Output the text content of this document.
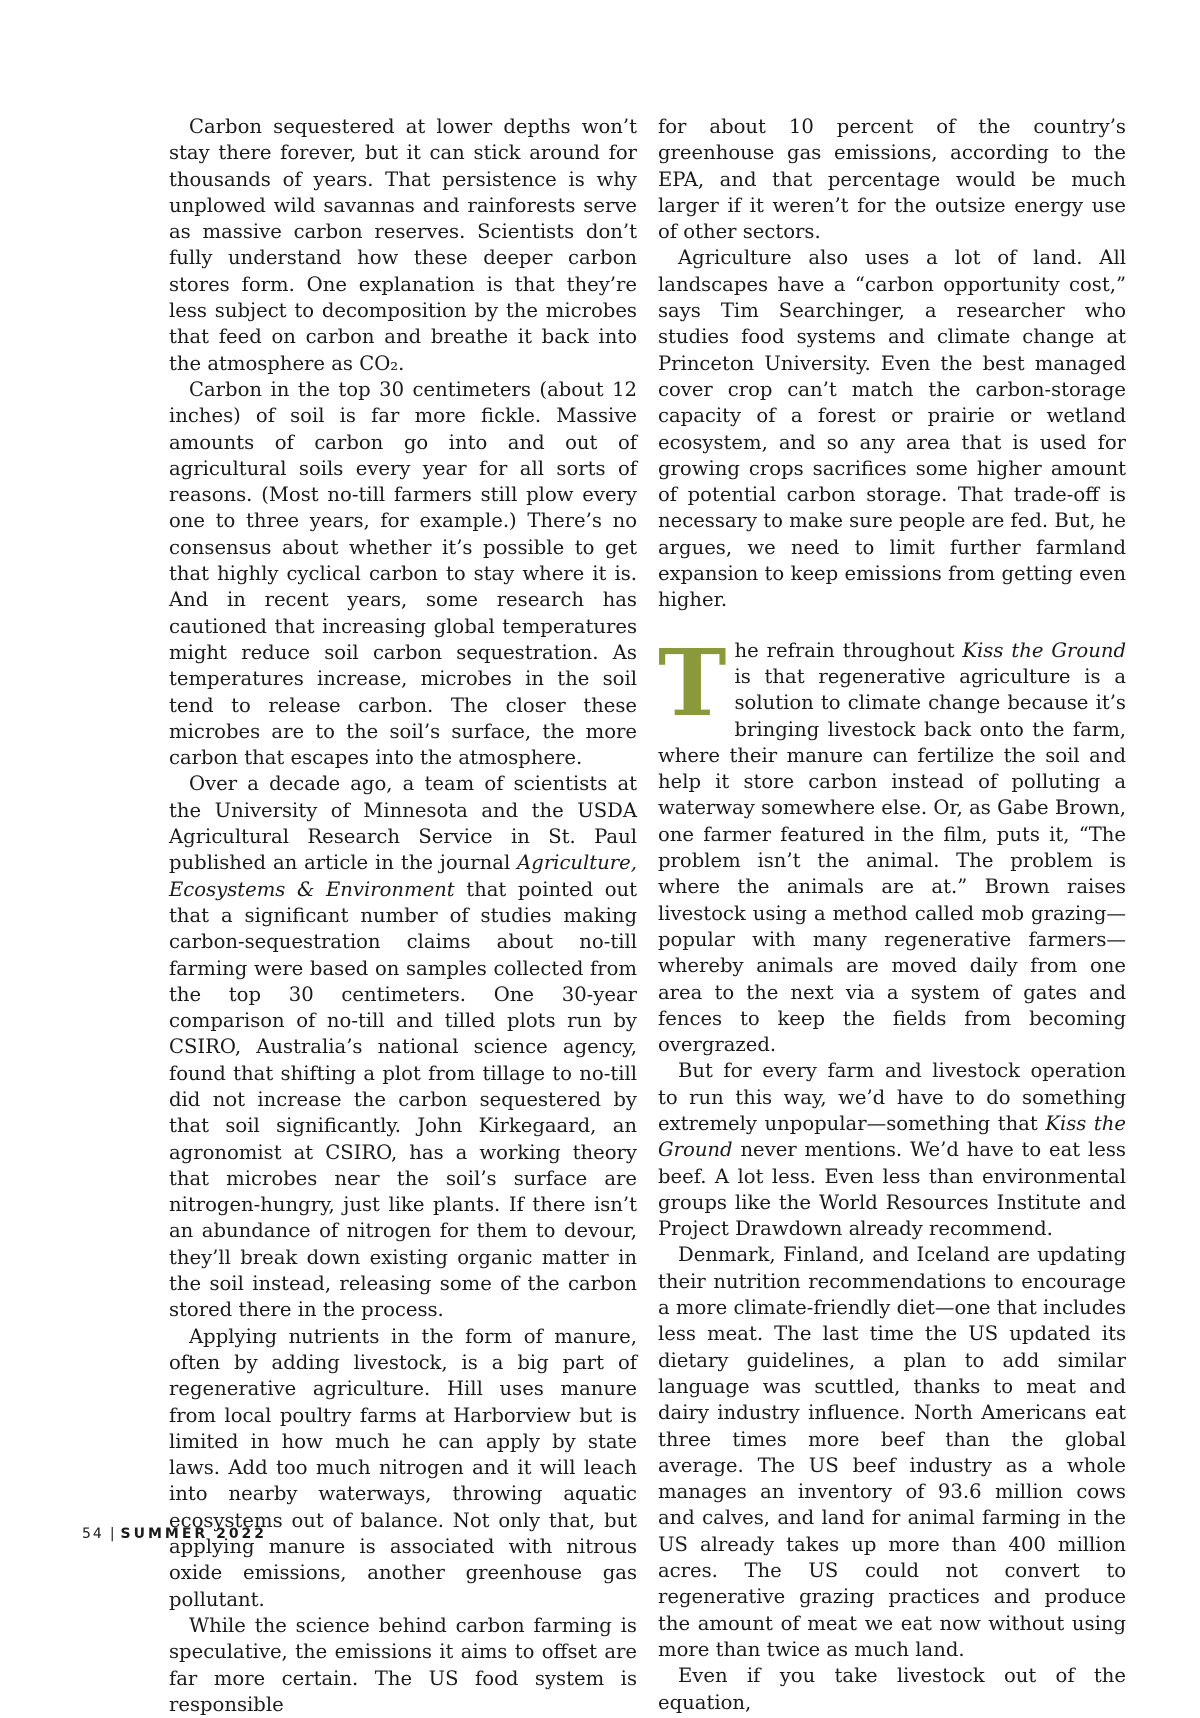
Carbon sequestered at lower depths won’t stay there forever, but it can stick around for thousands of years. That persistence is why unplowed wild savannas and rainforests serve as massive carbon reserves. Scientists don’t fully understand how these deeper carbon stores form. One explanation is that they’re less subject to decomposition by the microbes that feed on carbon and breathe it back into the atmosphere as CO₂.

Carbon in the top 30 centimeters (about 12 inches) of soil is far more fickle. Massive amounts of carbon go into and out of agricultural soils every year for all sorts of reasons. (Most no-till farmers still plow every one to three years, for example.) There’s no consensus about whether it’s possible to get that highly cyclical carbon to stay where it is. And in recent years, some research has cautioned that increasing global temperatures might reduce soil carbon sequestration. As temperatures increase, microbes in the soil tend to release carbon. The closer these microbes are to the soil’s surface, the more carbon that escapes into the atmosphere.

Over a decade ago, a team of scientists at the University of Minnesota and the USDA Agricultural Research Service in St. Paul published an article in the journal Agriculture, Ecosystems & Environment that pointed out that a significant number of studies making carbon-sequestration claims about no-till farming were based on samples collected from the top 30 centimeters. One 30-year comparison of no-till and tilled plots run by CSIRO, Australia’s national science agency, found that shifting a plot from tillage to no-till did not increase the carbon sequestered by that soil significantly. John Kirkegaard, an agronomist at CSIRO, has a working theory that microbes near the soil’s surface are nitrogen-hungry, just like plants. If there isn’t an abundance of nitrogen for them to devour, they’ll break down existing organic matter in the soil instead, releasing some of the carbon stored there in the process.

Applying nutrients in the form of manure, often by adding livestock, is a big part of regenerative agriculture. Hill uses manure from local poultry farms at Harborview but is limited in how much he can apply by state laws. Add too much nitrogen and it will leach into nearby waterways, throwing aquatic ecosystems out of balance. Not only that, but applying manure is associated with nitrous oxide emissions, another greenhouse gas pollutant.

While the science behind carbon farming is speculative, the emissions it aims to offset are far more certain. The US food system is responsible

for about 10 percent of the country’s greenhouse gas emissions, according to the EPA, and that percentage would be much larger if it weren’t for the outsize energy use of other sectors.

Agriculture also uses a lot of land. All landscapes have a “carbon opportunity cost,” says Tim Searchinger, a researcher who studies food systems and climate change at Princeton University. Even the best managed cover crop can’t match the carbon-storage capacity of a forest or prairie or wetland ecosystem, and so any area that is used for growing crops sacrifices some higher amount of potential carbon storage. That trade-off is necessary to make sure people are fed. But, he argues, we need to limit further farmland expansion to keep emissions from getting even higher.

The refrain throughout Kiss the Ground is that regenerative agriculture is a solution to climate change because it’s bringing livestock back onto the farm, where their manure can fertilize the soil and help it store carbon instead of polluting a waterway somewhere else. Or, as Gabe Brown, one farmer featured in the film, puts it, “The problem isn’t the animal. The problem is where the animals are at.” Brown raises livestock using a method called mob grazing—popular with many regenerative farmers—whereby animals are moved daily from one area to the next via a system of gates and fences to keep the fields from becoming overgrazed.

But for every farm and livestock operation to run this way, we’d have to do something extremely unpopular—something that Kiss the Ground never mentions. We’d have to eat less beef. A lot less. Even less than environmental groups like the World Resources Institute and Project Drawdown already recommend.

Denmark, Finland, and Iceland are updating their nutrition recommendations to encourage a more climate-friendly diet—one that includes less meat. The last time the US updated its dietary guidelines, a plan to add similar language was scuttled, thanks to meat and dairy industry influence. North Americans eat three times more beef than the global average. The US beef industry as a whole manages an inventory of 93.6 million cows and calves, and land for animal farming in the US already takes up more than 400 million acres. The US could not convert to regenerative grazing practices and produce the amount of meat we eat now without using more than twice as much land.

Even if you take livestock out of the equation,

54 | SUMMER 2022
